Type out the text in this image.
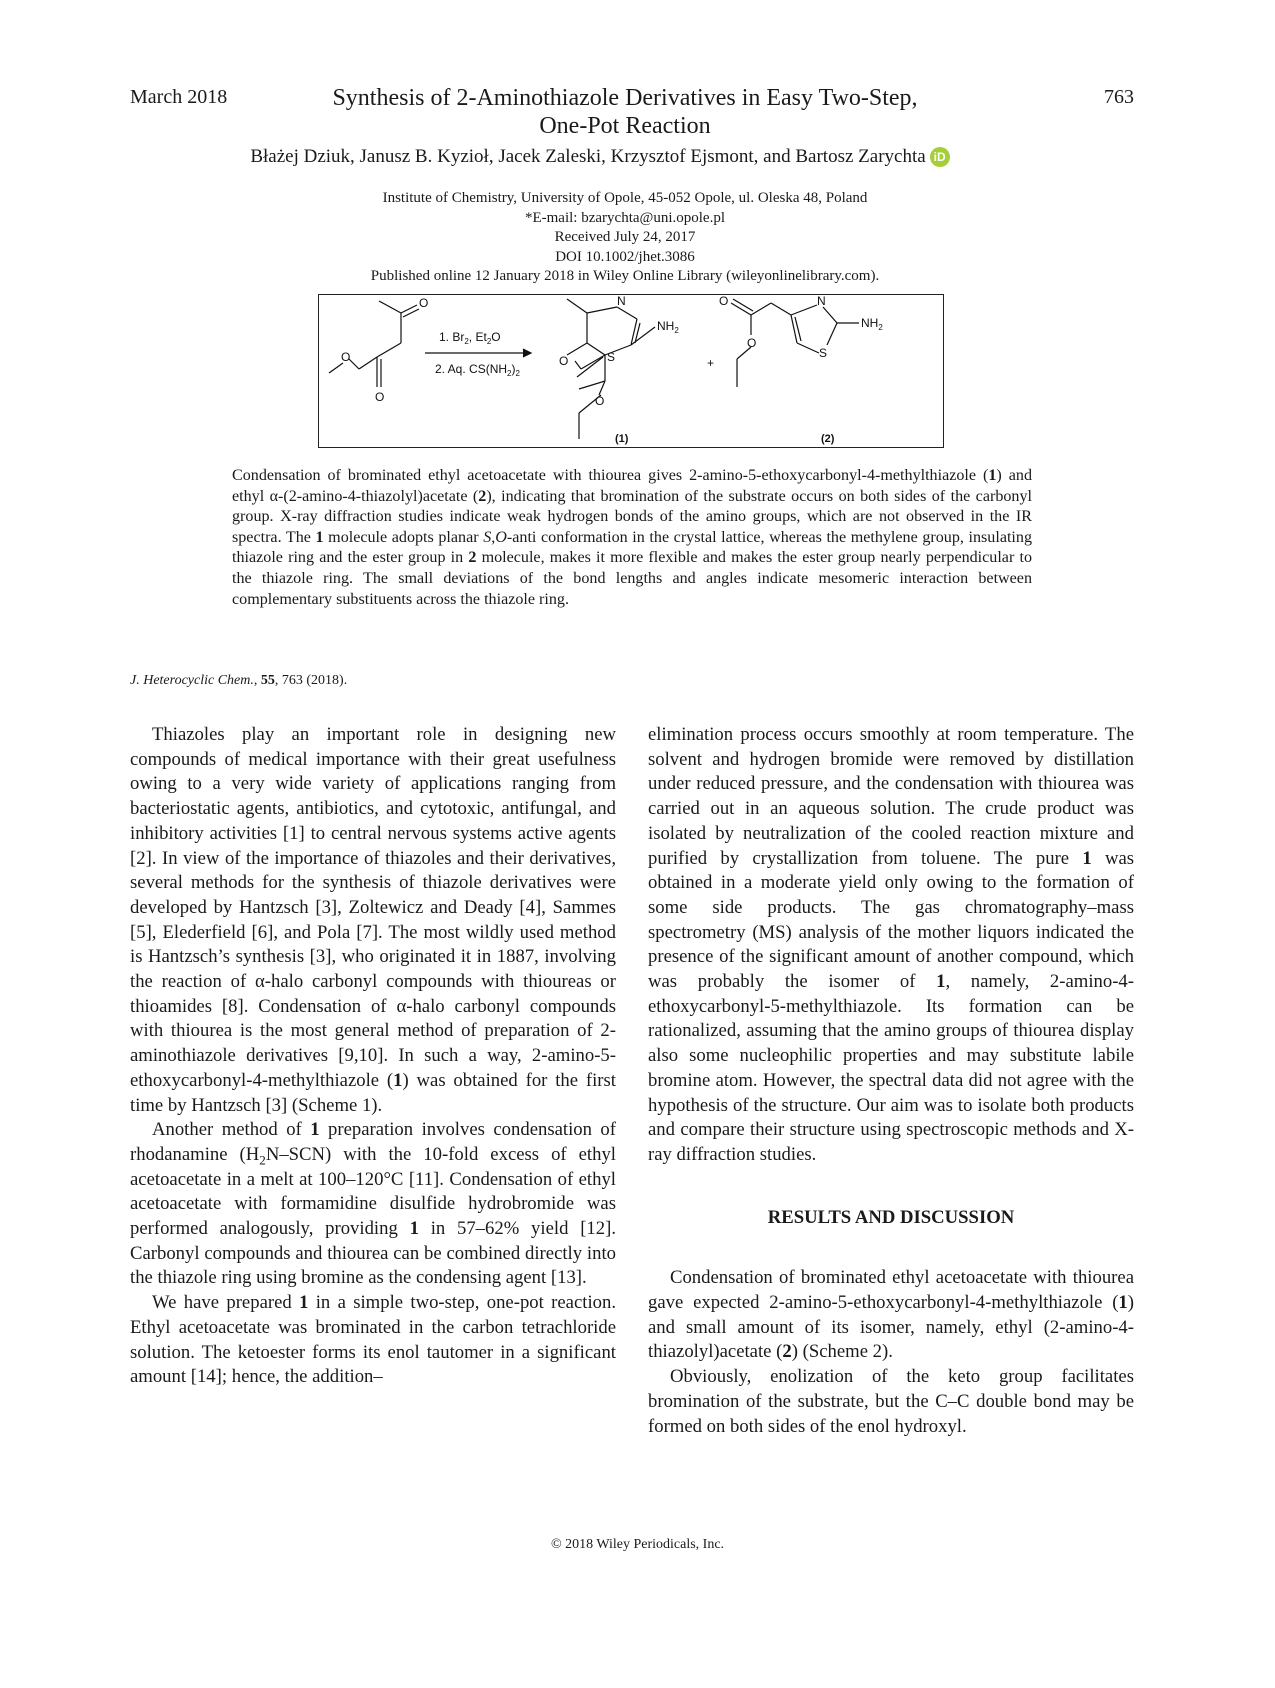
March 2018	763
Synthesis of 2-Aminothiazole Derivatives in Easy Two-Step,
One-Pot Reaction
Błażej Dziuk, Janusz B. Kyzioł, Jacek Zaleski, Krzysztof Ejsmont, and Bartosz Zarychta iD
Institute of Chemistry, University of Opole, 45-052 Opole, ul. Oleska 48, Poland
*E-mail: bzarychta@uni.opole.pl
Received July 24, 2017
DOI 10.1002/jhet.3086
Published online 12 January 2018 in Wiley Online Library (wileyonlinelibrary.com).
O
O
O
1. $Br_2$, $Et_2O$
2. Aq. $CS(NH_2)_2$
N
S
$NH_2$
O
O
(1)
+
O
O
N
S
$NH_2$
(2)
Condensation of brominated ethyl acetoacetate with thiourea gives 2-amino-5-ethoxycarbonyl-4-methylthiazole (1) and ethyl α-(2-amino-4-thiazolyl)acetate (2), indicating that bromination of the substrate occurs on both sides of the carbonyl group. X-ray diffraction studies indicate weak hydrogen bonds of the amino groups, which are not observed in the IR spectra. The 1 molecule adopts planar S,O-anti conformation in the crystal lattice, whereas the methylene group, insulating thiazole ring and the ester group in 2 molecule, makes it more flexible and makes the ester group nearly perpendicular to the thiazole ring. The small deviations of the bond lengths and angles indicate mesomeric interaction between complementary substituents across the thiazole ring.
J. Heterocyclic Chem., 55, 763 (2018).

Thiazoles play an important role in designing new compounds of medical importance with their great usefulness owing to a very wide variety of applications ranging from bacteriostatic agents, antibiotics, and cytotoxic, antifungal, and inhibitory activities [1] to central nervous systems active agents [2]. In view of the importance of thiazoles and their derivatives, several methods for the synthesis of thiazole derivatives were developed by Hantzsch [3], Zoltewicz and Deady [4], Sammes [5], Elederfield [6], and Pola [7]. The most wildly used method is Hantzsch’s synthesis [3], who originated it in 1887, involving the reaction of α-halo carbonyl compounds with thioureas or thioamides [8]. Condensation of α-halo carbonyl compounds with thiourea is the most general method of preparation of 2-aminothiazole derivatives [9,10]. In such a way, 2-amino-5-ethoxycarbonyl-4-methylthiazole (1) was obtained for the first time by Hantzsch [3] (Scheme 1).

Another method of 1 preparation involves condensation of rhodanamine $(H_2N-SCN)$ with the 10-fold excess of ethyl acetoacetate in a melt at 100–120°C [11]. Condensation of ethyl acetoacetate with formamidine disulfide hydrobromide was performed analogously, providing 1 in 57–62% yield [12]. Carbonyl compounds and thiourea can be combined directly into the thiazole ring using bromine as the condensing agent [13].

We have prepared 1 in a simple two-step, one-pot reaction. Ethyl acetoacetate was brominated in the carbon tetrachloride solution. The ketoester forms its enol tautomer in a significant amount [14]; hence, the addition–

elimination process occurs smoothly at room temperature. The solvent and hydrogen bromide were removed by distillation under reduced pressure, and the condensation with thiourea was carried out in an aqueous solution. The crude product was isolated by neutralization of the cooled reaction mixture and purified by crystallization from toluene. The pure 1 was obtained in a moderate yield only owing to the formation of some side products. The gas chromatography–mass spectrometry (MS) analysis of the mother liquors indicated the presence of the significant amount of another compound, which was probably the isomer of 1, namely, 2-amino-4-ethoxycarbonyl-5-methylthiazole. Its formation can be rationalized, assuming that the amino groups of thiourea display also some nucleophilic properties and may substitute labile bromine atom. However, the spectral data did not agree with the hypothesis of the structure. Our aim was to isolate both products and compare their structure using spectroscopic methods and X-ray diffraction studies.

RESULTS AND DISCUSSION

Condensation of brominated ethyl acetoacetate with thiourea gave expected 2-amino-5-ethoxycarbonyl-4-methylthiazole (1) and small amount of its isomer, namely, ethyl (2-amino-4-thiazolyl)acetate (2) (Scheme 2).

Obviously, enolization of the keto group facilitates bromination of the substrate, but the C–C double bond may be formed on both sides of the enol hydroxyl.

© 2018 Wiley Periodicals, Inc.
